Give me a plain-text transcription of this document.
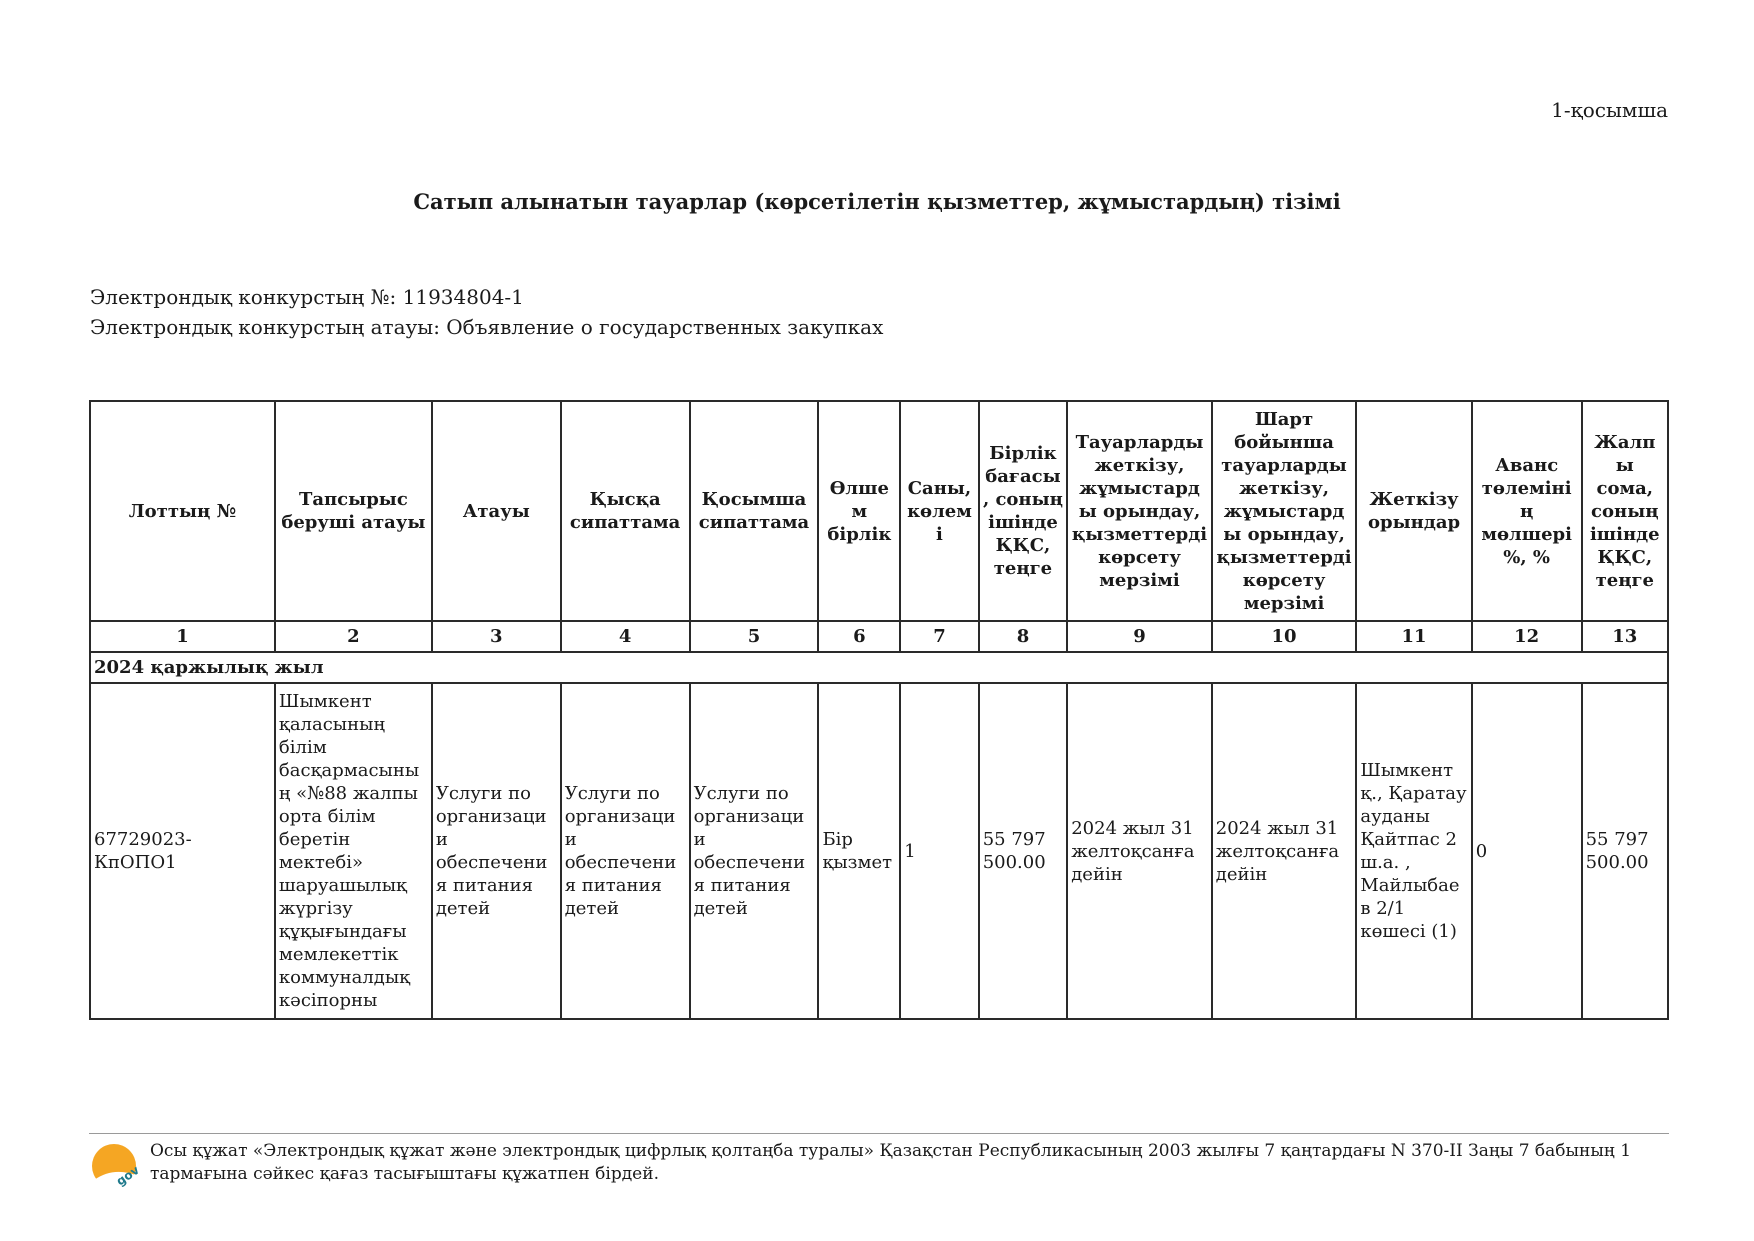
1-қосымша
Сатып алынатын тауарлар (көрсетілетін қызметтер, жұмыстардың) тізімі
Электрондық конкурстың №: 11934804-1
Электрондық конкурстың атауы: Объявление о государственных закупках
Лоттың №	Тапсырыс беруші атауы	Атауы	Қысқа сипаттама	Қосымша сипаттама	Өлшем бірлік	Саны, көлемі	Бірлік бағасы, соның ішінде ҚҚС, теңге	Тауарларды жеткізу, жұмыстарды орындау, қызметтерді көрсету мерзімі	Шарт бойынша тауарларды жеткізу, жұмыстарды орындау, қызметтерді көрсету мерзімі	Жеткізу орындар	Аванс төлемінің мөлшері %, %	Жалпы сома, соның ішінде ҚҚС, теңге
1	2	3	4	5	6	7	8	9	10	11	12	13
2024 қаржылық жыл												
67729023-КпОПО1	Шымкент қаласының білім басқармасының «№88 жалпы орта білім беретін мектебі» шаруашылық жүргізу құқығындағы мемлекеттік коммуналдық кәсіпорны	Услуги по организации обеспечения питания детей	Услуги по организации обеспечения питания детей	Услуги по организации обеспечения питания детей	Бір қызмет	1	55 797 500.00	2024 жыл 31 желтоқсанға дейін	2024 жыл 31 желтоқсанға дейін	Шымкент қ., Қаратау ауданы Қайтпас 2 ш.а. , Майлыбаев 2/1 көшесі (1)	0	55 797 500.00
gov
Осы құжат «Электрондық құжат және электрондық цифрлық қолтаңба туралы» Қазақстан Республикасының 2003 жылғы 7 қаңтардағы N 370-II Заңы 7 бабының 1 тармағына сәйкес қағаз тасығыштағы құжатпен бірдей.
